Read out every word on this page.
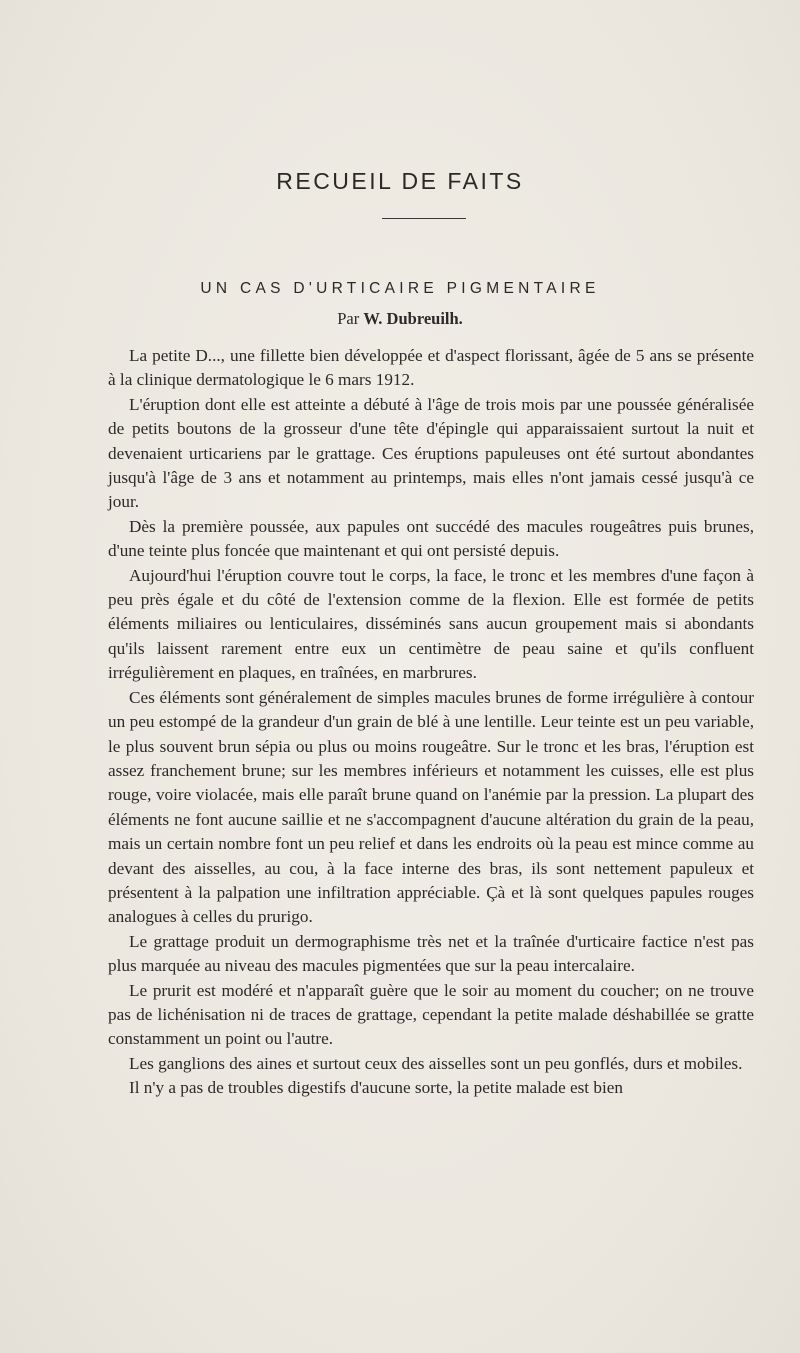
RECUEIL DE FAITS
UN CAS D'URTICAIRE PIGMENTAIRE

Par W. Dubreuilh.

La petite D..., une fillette bien développée et d'aspect florissant, âgée de 5 ans se présente à la clinique dermatologique le 6 mars 1912.

L'éruption dont elle est atteinte a débuté à l'âge de trois mois par une poussée généralisée de petits boutons de la grosseur d'une tête d'épingle qui apparaissaient surtout la nuit et devenaient urticariens par le grattage. Ces éruptions papuleuses ont été surtout abondantes jusqu'à l'âge de 3 ans et notamment au printemps, mais elles n'ont jamais cessé jusqu'à ce jour.

Dès la première poussée, aux papules ont succédé des macules rougeâtres puis brunes, d'une teinte plus foncée que maintenant et qui ont persisté depuis.

Aujourd'hui l'éruption couvre tout le corps, la face, le tronc et les membres d'une façon à peu près égale et du côté de l'extension comme de la flexion. Elle est formée de petits éléments miliaires ou lenticulaires, disséminés sans aucun groupement mais si abondants qu'ils laissent rarement entre eux un centimètre de peau saine et qu'ils confluent irrégulièrement en plaques, en traînées, en marbrures.

Ces éléments sont généralement de simples macules brunes de forme irrégulière à contour un peu estompé de la grandeur d'un grain de blé à une lentille. Leur teinte est un peu variable, le plus souvent brun sépia ou plus ou moins rougeâtre. Sur le tronc et les bras, l'éruption est assez franchement brune; sur les membres inférieurs et notamment les cuisses, elle est plus rouge, voire violacée, mais elle paraît brune quand on l'anémie par la pression. La plupart des éléments ne font aucune saillie et ne s'accompagnent d'aucune altération du grain de la peau, mais un certain nombre font un peu relief et dans les endroits où la peau est mince comme au devant des aisselles, au cou, à la face interne des bras, ils sont nettement papuleux et présentent à la palpation une infiltration appréciable. Çà et là sont quelques papules rouges analogues à celles du prurigo.

Le grattage produit un dermographisme très net et la traînée d'urticaire factice n'est pas plus marquée au niveau des macules pigmentées que sur la peau intercalaire.

Le prurit est modéré et n'apparaît guère que le soir au moment du coucher; on ne trouve pas de lichénisation ni de traces de grattage, cependant la petite malade déshabillée se gratte constamment un point ou l'autre.

Les ganglions des aines et surtout ceux des aisselles sont un peu gonflés, durs et mobiles.

Il n'y a pas de troubles digestifs d'aucune sorte, la petite malade est bien
